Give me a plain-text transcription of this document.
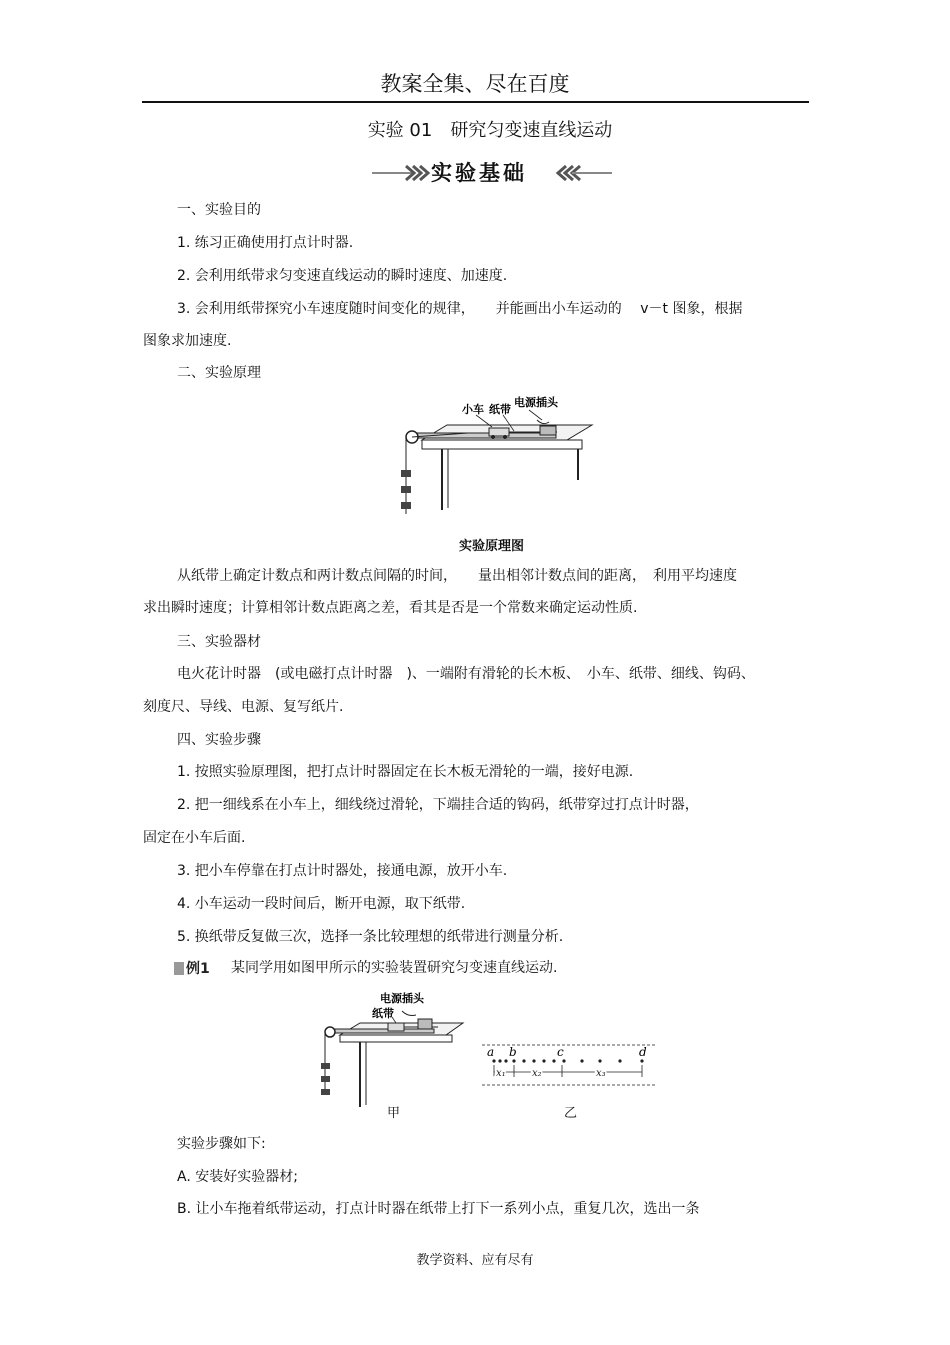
教案全集、尽在百度
实验 01　研究匀变速直线运动
实验基础
一、实验目的
1. 练习正确使用打点计时器.
2. 会利用纸带求匀变速直线运动的瞬时速度、加速度.
3. 会利用纸带探究小车速度随时间变化的规律，　　并能画出小车运动的　 v－t 图象，根据
图象求加速度.
二、实验原理
小车 纸带
电源插头
实验原理图
从纸带上确定计数点和两计数点间隔的时间，　　量出相邻计数点间的距离，　利用平均速度
求出瞬时速度；计算相邻计数点距离之差，看其是否是一个常数来确定运动性质.
三、实验器材
电火花计时器　(或电磁打点计时器　)、一端附有滑轮的长木板、　小车、纸带、细线、钩码、
刻度尺、导线、电源、复写纸片.
四、实验步骤
1. 按照实验原理图，把打点计时器固定在长木板无滑轮的一端，接好电源.
2. 把一细线系在小车上，细线绕过滑轮，下端挂合适的钩码，纸带穿过打点计时器，
固定在小车后面.
3. 把小车停靠在打点计时器处，接通电源，放开小车.
4. 小车运动一段时间后，断开电源，取下纸带.
5. 换纸带反复做三次，选择一条比较理想的纸带进行测量分析.
例1 某同学用如图甲所示的实验装置研究匀变速直线运动.
电源插头
纸带
甲
a b	c	d
x₁	x₂	x₃
乙
实验步骤如下:
A. 安装好实验器材;
B. 让小车拖着纸带运动，打点计时器在纸带上打下一系列小点，重复几次，选出一条
教学资料、应有尽有
